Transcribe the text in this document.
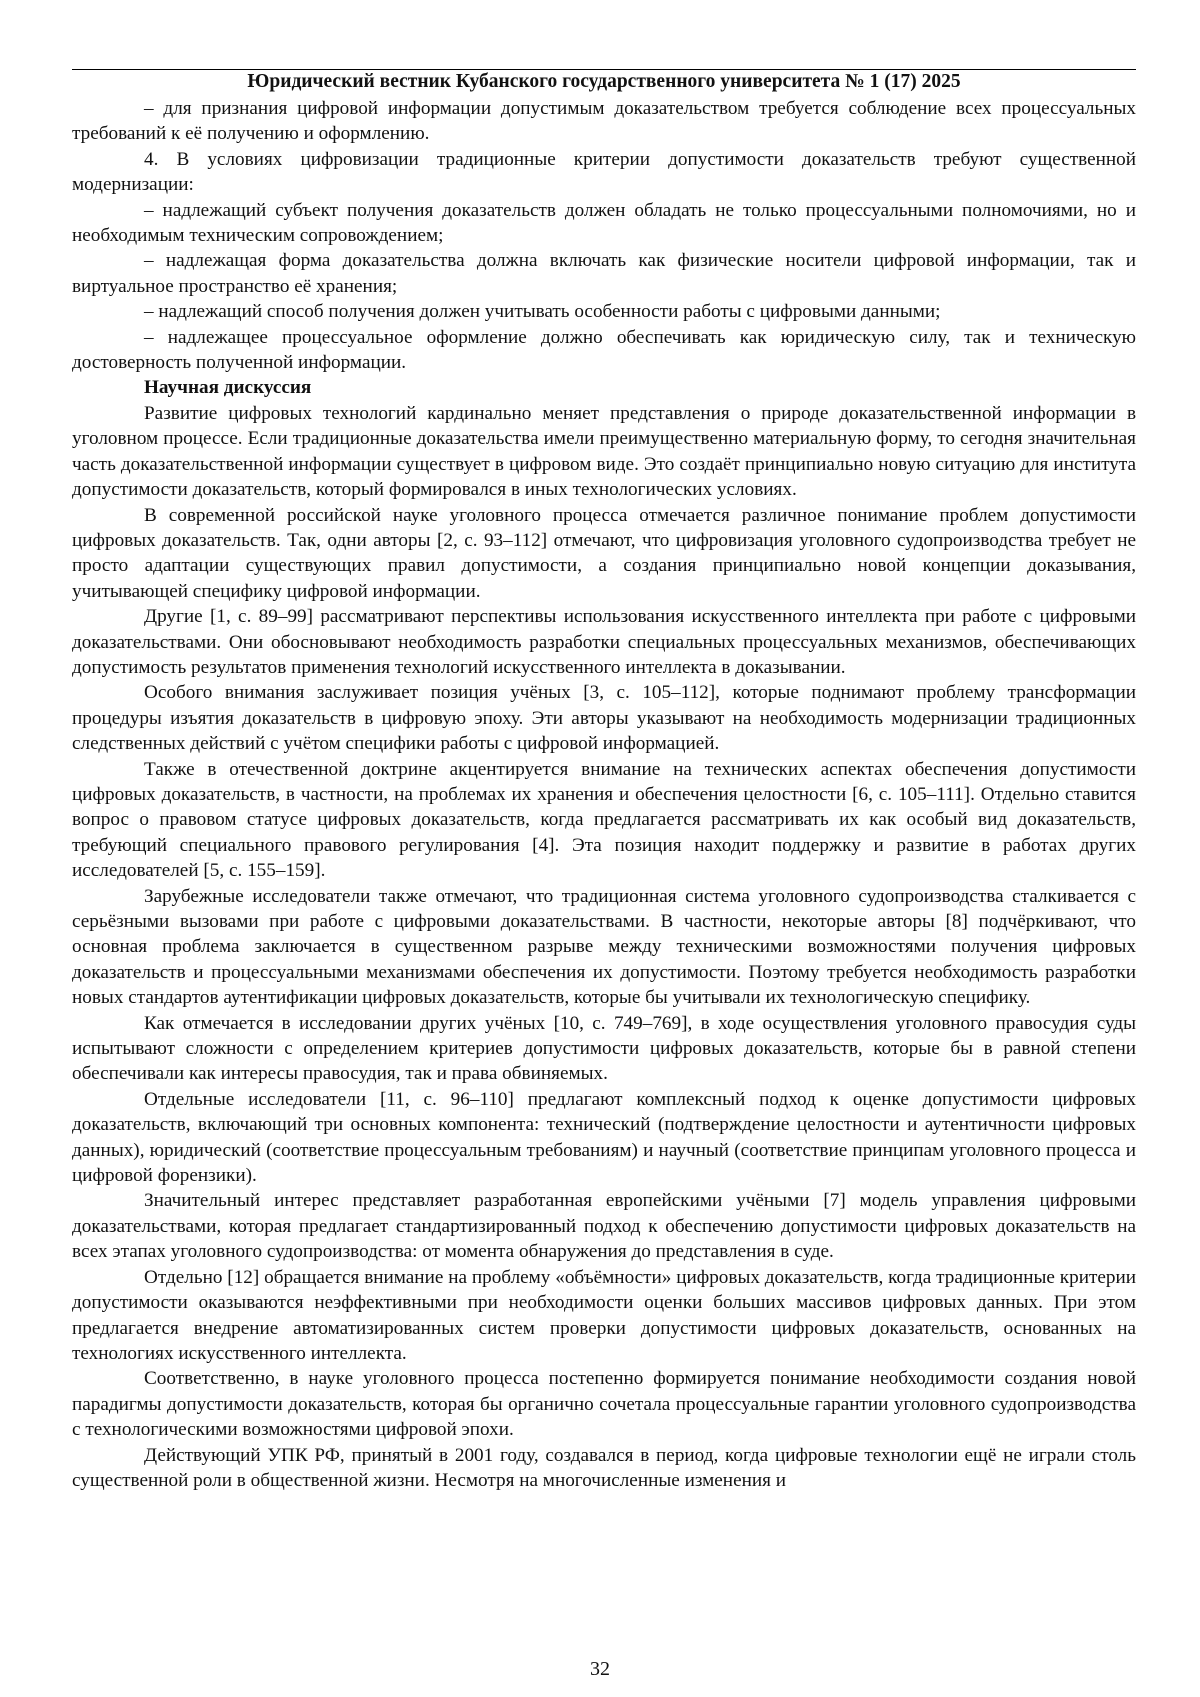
Юридический вестник Кубанского государственного университета № 1 (17) 2025

– для признания цифровой информации допустимым доказательством требуется соблюдение всех процессуальных требований к её получению и оформлению.

4. В условиях цифровизации традиционные критерии допустимости доказательств требуют существенной модернизации:

– надлежащий субъект получения доказательств должен обладать не только процессуальными полномочиями, но и необходимым техническим сопровождением;

– надлежащая форма доказательства должна включать как физические носители цифровой информации, так и виртуальное пространство её хранения;

– надлежащий способ получения должен учитывать особенности работы с цифровыми данными;

– надлежащее процессуальное оформление должно обеспечивать как юридическую силу, так и техническую достоверность полученной информации.

Научная дискуссия

Развитие цифровых технологий кардинально меняет представления о природе доказательственной информации в уголовном процессе. Если традиционные доказательства имели преимущественно материальную форму, то сегодня значительная часть доказательственной информации существует в цифровом виде. Это создаёт принципиально новую ситуацию для института допустимости доказательств, который формировался в иных технологических условиях.

В современной российской науке уголовного процесса отмечается различное понимание проблем допустимости цифровых доказательств. Так, одни авторы [2, с. 93–112] отмечают, что цифровизация уголовного судопроизводства требует не просто адаптации существующих правил допустимости, а создания принципиально новой концепции доказывания, учитывающей специфику цифровой информации.

Другие [1, с. 89–99] рассматривают перспективы использования искусственного интеллекта при работе с цифровыми доказательствами. Они обосновывают необходимость разработки специальных процессуальных механизмов, обеспечивающих допустимость результатов применения технологий искусственного интеллекта в доказывании.

Особого внимания заслуживает позиция учёных [3, с. 105–112], которые поднимают проблему трансформации процедуры изъятия доказательств в цифровую эпоху. Эти авторы указывают на необходимость модернизации традиционных следственных действий с учётом специфики работы с цифровой информацией.

Также в отечественной доктрине акцентируется внимание на технических аспектах обеспечения допустимости цифровых доказательств, в частности, на проблемах их хранения и обеспечения целостности [6, с. 105–111]. Отдельно ставится вопрос о правовом статусе цифровых доказательств, когда предлагается рассматривать их как особый вид доказательств, требующий специального правового регулирования [4]. Эта позиция находит поддержку и развитие в работах других исследователей [5, с. 155–159].

Зарубежные исследователи также отмечают, что традиционная система уголовного судопроизводства сталкивается с серьёзными вызовами при работе с цифровыми доказательствами. В частности, некоторые авторы [8] подчёркивают, что основная проблема заключается в существенном разрыве между техническими возможностями получения цифровых доказательств и процессуальными механизмами обеспечения их допустимости. Поэтому требуется необходимость разработки новых стандартов аутентификации цифровых доказательств, которые бы учитывали их технологическую специфику.

Как отмечается в исследовании других учёных [10, с. 749–769], в ходе осуществления уголовного правосудия суды испытывают сложности с определением критериев допустимости цифровых доказательств, которые бы в равной степени обеспечивали как интересы правосудия, так и права обвиняемых.

Отдельные исследователи [11, с. 96–110] предлагают комплексный подход к оценке допустимости цифровых доказательств, включающий три основных компонента: технический (подтверждение целостности и аутентичности цифровых данных), юридический (соответствие процессуальным требованиям) и научный (соответствие принципам уголовного процесса и цифровой форензики).

Значительный интерес представляет разработанная европейскими учёными [7] модель управления цифровыми доказательствами, которая предлагает стандартизированный подход к обеспечению допустимости цифровых доказательств на всех этапах уголовного судопроизводства: от момента обнаружения до представления в суде.

Отдельно [12] обращается внимание на проблему «объёмности» цифровых доказательств, когда традиционные критерии допустимости оказываются неэффективными при необходимости оценки больших массивов цифровых данных. При этом предлагается внедрение автоматизированных систем проверки допустимости цифровых доказательств, основанных на технологиях искусственного интеллекта.

Соответственно, в науке уголовного процесса постепенно формируется понимание необходимости создания новой парадигмы допустимости доказательств, которая бы органично сочетала процессуальные гарантии уголовного судопроизводства с технологическими возможностями цифровой эпохи.

Действующий УПК РФ, принятый в 2001 году, создавался в период, когда цифровые технологии ещё не играли столь существенной роли в общественной жизни. Несмотря на многочисленные изменения и

32
